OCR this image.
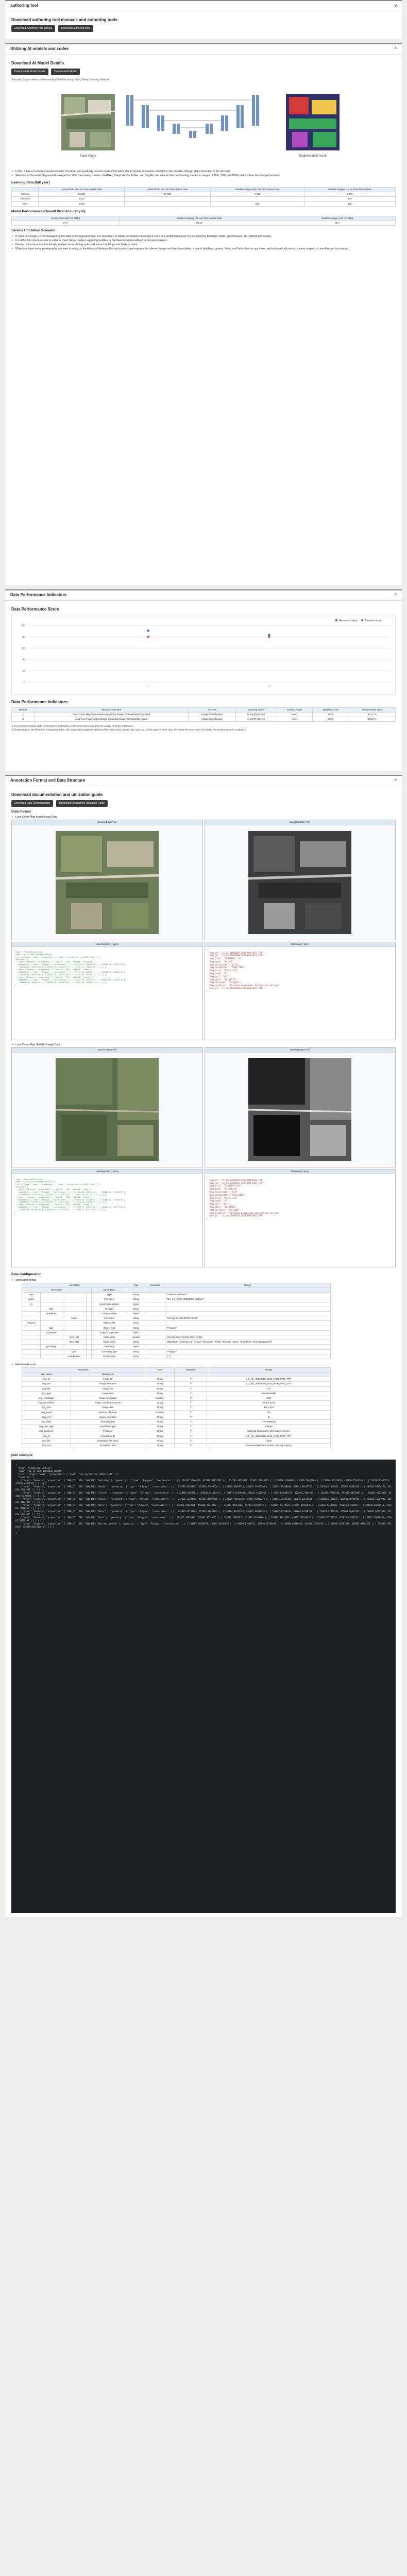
authoring tool	v
Download authoring tool manuals and authoring tools
Download Authoring Tool Manual	Download authoring tools
Utilizing AI models and codes	^
Download AI Model Details
Download AI Model Details	Download AI Model
Semantic Segmentation of Aeronautical Satellite Image Using Deep Learning Network
Input image	Segmentation result
• U-Net: It has a U-shape encoder-decoder structure, and gradually restores more information due to spatial dimension reduction in the encoder through skip connection in the decoder.
• Selection of Semantic Segmentation Algorithm: With the training models of HRNet, DeepLab v3+, U-Net, and SegNet, we selected the best training models in stages of 10%, 50% and 100% and it shows the best performance
Learning Data (full year)
	Aerial Photo (25 cm) Time Series Data	Aerial Photo (25 cm) Time Series Data	Satellite Images (50 cm) Time Series Data	Satellite Images (10 m) Time Series Data
Training	13,632	17,808	7,040	1,592
Validation	2,523			100
Test	2,523		500	100
Model Performance (Overall Pixel Accuracy %)
Aerial photos (25 cm) Tiff(d)	Satellite Imagery (50 cm) Time Series Data	Satellite Imagery (10 m) Tiff(d)
87.0	80.34	85.7
Service Utilization Scenario
• In order to occupy a river managed by the state or local government, it is necessary to obtain permission to occupy it, but it is a problem because it is occupied by buildings, fields, greenhouses, etc. without permission.
• It is difficult to check on-site in order to check illegal matters regarding facilities or farmland occupied without permission in rivers.
• Develop a function to automatically analyze aerial photographs and extract buildings and fields in rivers.
• When you input aerial photographs you want to analyze, the AI model deduces the land cover, superimposes the inferred image and river boundaries, extracts buildings, greens, fields, and fields that occupy rivers, and automatically extracts areas suspect of unauthorized occupation.
Data Performance Indicators	^
Data Performance Score
0
20
40
60
80
100
1	2
Measured value	Baseline score
Data Performance Indicators
Number	Measurement item	AI TASK	Learning model	Surface Name	Baseline score	Measurement value
1	Land Cover Map Segmentation (Learning Image: Orthoaerial photograph)	Image Classification	U-net (Res2 Net)	mIoU	80 %	90.77 %
2	Land Cover Map Segmentation (Learning Image: Orthosatellite image)	Image Classification	U-net (Res2 Net)	mIoU	80 %	83.10 %
※ If you have multiple data performance indicators, scroll over them to graph the values of those indicators.
※ Depending on the AI model evaluation index, the range and judgment criteria of the measured values may vary, so, in the case of error rate, the lower the error rate, the better the performance is evaluated.
Annotation Format and Data Structure	^
Download documentation and utilization guide
Download Data Documentation	Download Deployment Utilization Guide
Data Format
• Land Cover Map Aerial Image Data
Source Data (*.tif)	Labeling Data (*.tif)
Labeling Data (*.json)
{
"type": "FeatureCollection",
"name": "BU_LC_2018_36803068_AERIAL",
"crs": { "type": "name", "properties": { "name": "urn:ogc:def:crs:EPSG::5186" } },
"features": [
{ "type": "Feature", "properties": { "ANN_CD": "110", "ANN_NM": "Building" },
"geometry": { "type": "Polygon", "coordinates": [ [ [ 234765.21, 452018.88 ], [ 234766.40, 452021.63 ],
[ 234770.12, 452019.50 ], [ 234768.93, 452016.75 ], [ 234765.21, 452018.88 ] ] ] } },
{ "type": "Feature", "properties": { "ANN_CD": "210", "ANN_NM": "Paddy" },
"geometry": { "type": "Polygon", "coordinates": [ [ [ 234781.05, 452030.17 ], [ 234790.44, 452032.29 ],
[ 234792.81, 452024.06 ], [ 234783.37, 452021.88 ], [ 234781.05, 452030.17 ] ] ] } },
{ "type": "Feature", "properties": { "ANN_CD": "310", "ANN_NM": "Forest" },
"geometry": { "type": "Polygon", "coordinates": [ [ [ 234801.66, 452040.93 ], [ 234812.02, 452043.41 ],
[ 234814.58, 452035.27 ], [ 234803.97, 452032.60 ], [ 234801.66, 452040.93 ] ] ] } }
]
}
Metadata (*.json)
{
"img_id": "LC_AE_36803068_2018_KOR_0071_FTP",
"img_nm": "LC_AE_36803068_2018_KOR_0071_FTP",
"img_file": "36803068.tif",
"img_type": "aerial",
"img_resolution": "0.25",
"img_coordinate": "EPSG:5186",
"img_size": "512 x 512",
"img_band": "3",
"img_ext": "tif",
"img_date": "20180712",
"img_ann_type": "polygon",
"img_producer": "National Geographic Information Service",
"ann_id": "LC_AE_36803068_2018_KOR_0071_FTP"
}
• Land Cover Map Satellite Image Data
Source Data (*.tif)	Labeling Data (*.tif)
Labeling Data (*.json)
{
"type": "FeatureCollection",
"name": "LC_SA_2019_37605047_SATELLITE",
"crs": { "type": "name", "properties": { "name": "urn:ogc:def:crs:EPSG::5186" } },
"features": [
{ "type": "Feature", "properties": { "ANN_CD": "120", "ANN_NM": "Road" },
"geometry": { "type": "Polygon", "coordinates": [ [ [ 312045.80, 512744.12 ], [ 312052.31, 512748.07 ],
[ 312058.66, 512741.90 ], [ 312051.74, 512737.23 ], [ 312045.80, 512744.12 ] ] ] } },
{ "type": "Feature", "properties": { "ANN_CD": "220", "ANN_NM": "Field" },
"geometry": { "type": "Polygon", "coordinates": [ [ [ 312070.19, 512760.44 ], [ 312081.52, 512763.00 ],
[ 312083.97, 512755.18 ], [ 312072.41, 512752.63 ], [ 312070.19, 512760.44 ] ] ] } },
{ "type": "Feature", "properties": { "ANN_CD": "410", "ANN_NM": "Grass" },
"geometry": { "type": "Polygon", "coordinates": [ [ [ 312090.73, 512771.28 ], [ 312101.45, 512774.02 ],
[ 312103.88, 512766.39 ], [ 312093.16, 512763.55 ], [ 312090.73, 512771.28 ] ] ] } }
]
}
Metadata (*.json)
{
"img_id": "LC_SA_37605047_2019_KOR_0102_FTP",
"img_nm": "LC_SA_37605047_2019_KOR_0102_FTP",
"img_file": "37605047.tif",
"img_type": "satellite",
"img_resolution": "0.5",
"img_coordinate": "EPSG:5186",
"img_size": "512 x 512",
"img_band": "4",
"img_ext": "tif",
"img_date": "20190903",
"img_ann_type": "polygon",
"img_producer": "National Geographic Information Service",
"ann_id": "LC_SA_37605047_2019_KOR_0102_FTP"
}
Data Configuration
• annotation format
Annotation					Type	Essential	Range
Item name				Description			
type				Type	string		"FeatureCollection"
name				File name	string		"BU_LC_2018_36803068_AERIAL"
crs				Coordinate system	object		
	type			Crs type	string		
	properties			Crs properties	object		
		name		Crs name	string		"urn:ogc:def:crs:EPSG::5186"
features				Objects list	array		
	type			Object type	string		"Feature"
	properties			Object properties	object		
		ANN_CD		Class code	number		110,210,310,410,510,610,710,810
		ANN_NM		Class name	string		{"Building", "Parking Lot", "Road", "Ravines", "Field", "Forest", "Bare", "Rice field", "Non-designated"}
	geometry			Geometry	object		
		type		Geometry type	string		"Polygon"
		coordinates		Coordinates	array		[*,*]
• Metadata Format
Annotation		Type	Essential	Range
Item name	Description			
img_id	Image ID	String	Y	LC_AE_36803068_2018_KOR_0071_FTP
img_nm	Image file name	String	Y	LC_AE_36803068_2018_KOR_0071_FTP
img_file	Image file	String	Y	*.tif
img_type	Image type	String	Y	aerial/satellite
img_resolution	Image resolution	Number	Y	0.25
img_coordinate	Image coordinate system	String	Y	EPSG:5186
img_size	Image size	String	Y	512 x 512
img_band	Number of bands	Number	Y	3/4
img_ext	Image extension	String	Y	tif
img_date	Shooting date	String	Y	YYYYMMDD
img_ann_type	Annotation type	String	Y	polygon
img_producer	Producer	String	Y	National Geographic Information Service
ann_id	Annotation ID	String	Y	LC_AE_36803068_2018_KOR_0071_FTP
ann_file	Annotation file name	String	Y	*.json
ann_tool	Annotation tool	String	Y	Korea Intelligent Information Society Agency
json example
{
"type": "FeatureCollection",
"name": "BU_LC_2018_36803068_AERIAL",
"crs": { "type": "name", "properties": { "name": "urn:ogc:def:crs:EPSG::5186" } },
"features": [
{ "type": "Feature", "properties": { "ANN_CD": 110, "ANN_NM": "Building" }, "geometry": { "type": "Polygon", "coordinates": [ [ [ 234765.21046213, 452018.88317502 ], [ 234766.40231978, 452021.63045117 ], [ 234770.12008634, 452019.50426609 ], [ 234768.93122850, 452016.75204531 ], [ 234765.21046213, 452018.88317502 ] ] ] } },
{ "type": "Feature", "properties": { "ANN_CD": 210, "ANN_NM": "Paddy" }, "geometry": { "type": "Polygon", "coordinates": [ [ [ 234781.05439172, 452030.17402236 ], [ 234790.44017215, 452032.29153308 ], [ 234792.81460028, 452024.06317716 ], [ 234783.37104501, 452021.88024129 ], [ 234781.05439172, 452030.17402236 ] ] ] } },
{ "type": "Feature", "properties": { "ANN_CD": 310, "ANN_NM": "Forest" }, "geometry": { "type": "Polygon", "coordinates": [ [ [ 234801.66233011, 452040.93108746 ], [ 234812.02219638, 452043.41425013 ], [ 234814.58460771, 452035.27001937 ], [ 234803.97015524, 452032.60332491 ], [ 234801.66233011, 452040.93108746 ] ] ] } },
{ "type": "Feature", "properties": { "ANN_CD": 410, "ANN_NM": "Grass" }, "geometry": { "type": "Polygon", "coordinates": [ [ [ 234820.11304982, 452051.44027365 ], [ 234829.70651439, 452053.98016272 ], [ 234831.91207366, 452046.12630518 ], [ 234822.31862047, 452043.58741903 ], [ 234820.11304982, 452051.44027365 ] ] ] } },
{ "type": "Feature", "properties": { "ANN_CD": 510, "ANN_NM": "Bare" }, "geometry": { "type": "Polygon", "coordinates": [ [ [ 234838.44020516, 452060.73318452 ], [ 234847.09351266, 452063.01542718 ], [ 234849.22770633, 452055.40163025 ], [ 234840.57442106, 452053.11932887 ], [ 234838.44020516, 452060.73318452 ] ] ] } },
{ "type": "Feature", "properties": { "ANN_CD": 610, "ANN_NM": "Water" }, "geometry": { "type": "Polygon", "coordinates": [ [ [ 234855.02731845, 452070.18433021 ], [ 234864.81205137, 452072.66011384 ], [ 234867.15530912, 452064.47206219 ], [ 234857.37047330, 452061.99615473 ], [ 234855.02731845, 452070.18433021 ] ] ] } },
{ "type": "Feature", "properties": { "ANN_CD": 710, "ANN_NM": "Road" }, "geometry": { "type": "Polygon", "coordinates": [ [ [ 234872.50918364, 452081.36529207 ], [ 234881.23607715, 452083.51203866 ], [ 234883.38451092, 452075.60128533 ], [ 234874.65766618, 452073.45443720 ], [ 234872.50918364, 452081.36529207 ] ] ] } },
{ "type": "Feature", "properties": { "ANN_CD": 810, "ANN_NM": "Non-designated" }, "geometry": { "type": "Polygon", "coordinates": [ [ [ 234889.72630149, 452091.04317826 ], [ 234898.11054372, 452093.28760431 ], [ 234900.40619835, 452085.15294378 ], [ 234892.02201473, 452082.90861225 ], [ 234889.72630149, 452091.04317826 ] ] ] } }
]
}
